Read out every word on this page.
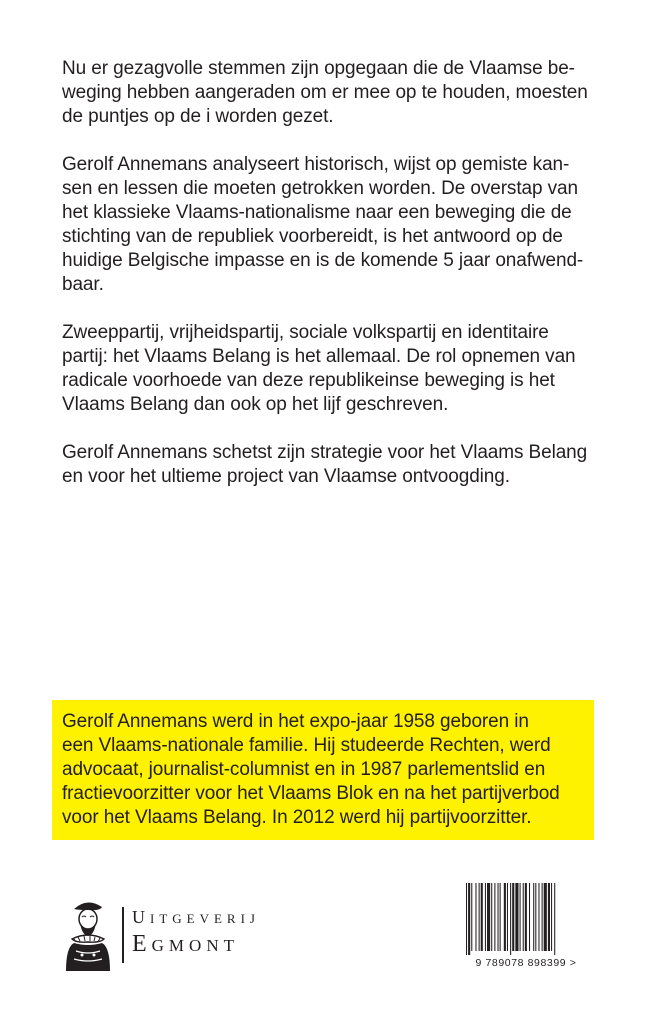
Nu er gezagvolle stemmen zijn opgegaan die de Vlaamse be-
weging hebben aangeraden om er mee op te houden, moesten
de puntjes op de i worden gezet.
Gerolf Annemans analyseert historisch, wijst op gemiste kan-
sen en lessen die moeten getrokken worden. De overstap van
het klassieke Vlaams-nationalisme naar een beweging die de
stichting van de republiek voorbereidt, is het antwoord op de
huidige Belgische impasse en is de komende 5 jaar onafwend-
baar.
Zweeppartij, vrijheidspartij, sociale volkspartij en identitaire
partij: het Vlaams Belang is het allemaal. De rol opnemen van
radicale voorhoede van deze republikeinse beweging is het
Vlaams Belang dan ook op het lijf geschreven.
Gerolf Annemans schetst zijn strategie voor het Vlaams Belang
en voor het ultieme project van Vlaamse ontvoogding.
Gerolf Annemans werd in het expo-jaar 1958 geboren in
een Vlaams-nationale familie. Hij studeerde Rechten, werd
advocaat, journalist-columnist en in 1987 parlementslid en
fractievoorzitter voor het Vlaams Blok en na het partijverbod
voor het Vlaams Belang. In 2012 werd hij partijvoorzitter.
Uitgeverij
Egmont
9 789078 898399 >
